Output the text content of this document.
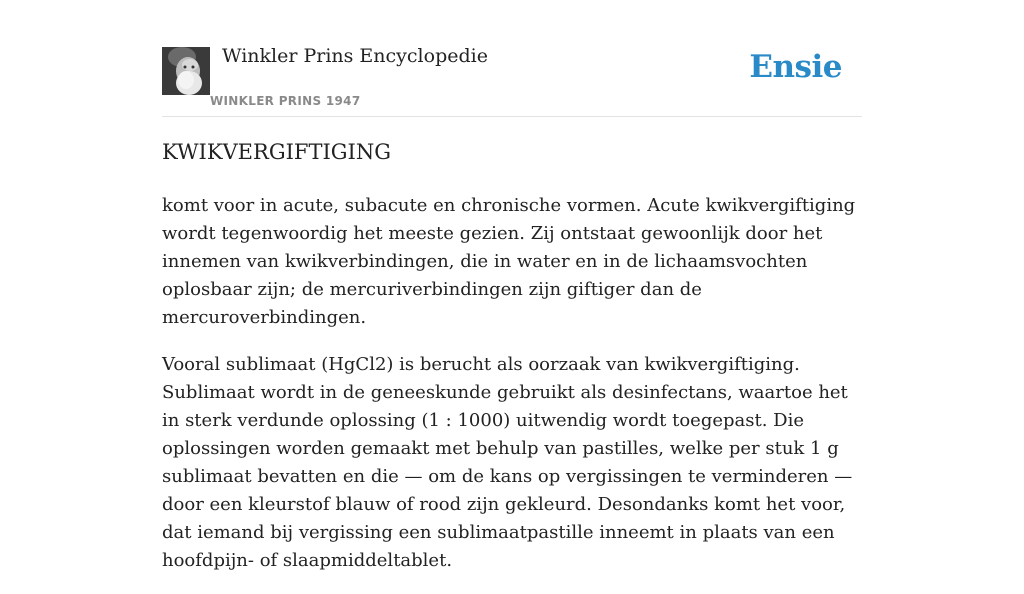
Winkler Prins Encyclopedie
WINKLER PRINS 1947
Ensie
KWIKVERGIFTIGING

komt voor in acute, subacute en chronische vormen. Acute kwikvergiftiging wordt tegenwoordig het meeste gezien. Zij ontstaat gewoonlijk door het innemen van kwikverbindingen, die in water en in de lichaamsvochten oplosbaar zijn; de mercuriverbindingen zijn giftiger dan de mercuroverbindingen.

Vooral sublimaat (HgCl2) is berucht als oorzaak van kwikvergiftiging. Sublimaat wordt in de geneeskunde gebruikt als desinfectans, waartoe het in sterk verdunde oplossing (1 : 1000) uitwendig wordt toegepast. Die oplossingen worden gemaakt met behulp van pastilles, welke per stuk 1 g sublimaat bevatten en die — om de kans op vergissingen te verminderen — door een kleurstof blauw of rood zijn gekleurd. Desondanks komt het voor, dat iemand bij vergissing een sublimaatpastille inneemt in plaats van een hoofdpijn- of slaapmiddeltablet.
